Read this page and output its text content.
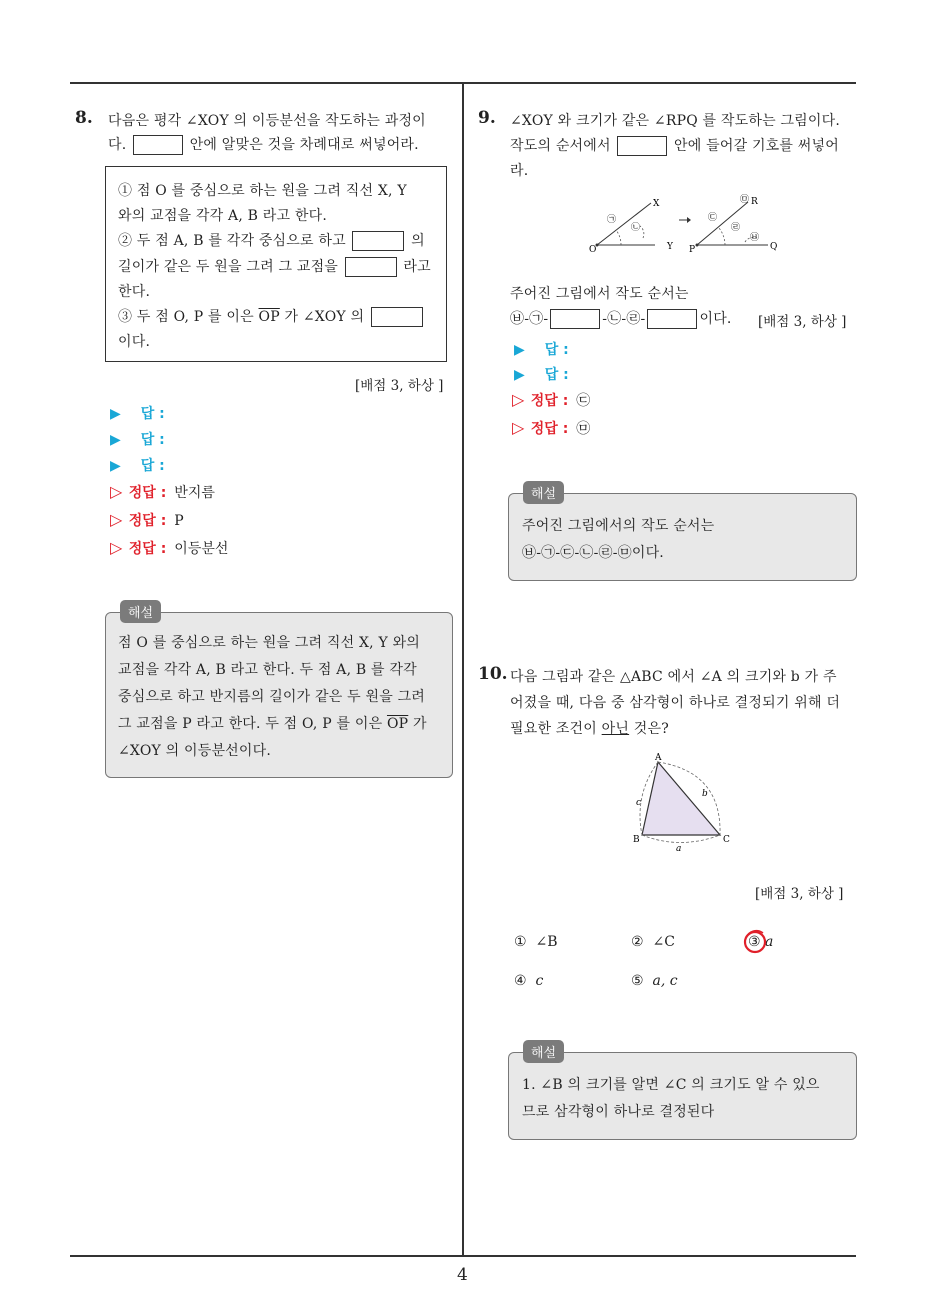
4
8. 다음은 평각 ∠XOY 의 이등분선을 작도하는 과정이
다.	안에 알맞은 것을 차례대로 써넣어라.
① 점 O 를 중심으로 하는 원을 그려 직선 X, Y
와의 교점을 각각 A, B 라고 한다.
② 두 점 A, B 를 각각 중심으로 하고	의
길이가 같은 두 원을 그려 그 교점을	라고
한다.
③ 두 점 O, P 를 이은 $\overline{OP}$ 가 ∠XOY 의
이다.
[배점 3, 하상 ]
▶ 답 :
▶ 답 :
▶ 답 :
▷ 정답 : 반지름
▷ 정답 : P
▷ 정답 : 이등분선
해설
점 O 를 중심으로 하는 원을 그려 직선 X, Y 와의
교점을 각각 A, B 라고 한다. 두 점 A, B 를 각각
중심으로 하고 반지름의 길이가 같은 두 원을 그려
그 교점을 P 라고 한다. 두 점 O, P 를 이은 $\overline{OP}$ 가
∠XOY 의 이등분선이다.
9. ∠XOY 와 크기가 같은 ∠RPQ 를 작도하는 그림이다.
작도의 순서에서	안에 들어갈 기호를 써넣어
라.
O
X
Y
㉠
㉡
P
R
Q
㉢
㉣
㉤
㉥
주어진 그림에서 작도 순서는
㉥-㉠-	-㉡-㉣-	이다. [배점 3, 하상 ]
▶ 답 :
▶ 답 :
▷ 정답 : ㉢
▷ 정답 : ㉤
해설
주어진 그림에서의 작도 순서는
㉥-㉠-㉢-㉡-㉣-㉤이다.
10. 다음 그림과 같은 △ABC 에서 ∠A 의 크기와 b 가 주
어졌을 때, 다음 중 삼각형이 하나로 결정되기 위해 더
필요한 조건이 아닌 것은?
A
B	C
b
c
a
[배점 3, 하상 ]
① ∠B	② ∠C	③ a
④ c	⑤ a, c
해설
1. ∠B 의 크기를 알면 ∠C 의 크기도 알 수 있으
므로 삼각형이 하나로 결정된다
